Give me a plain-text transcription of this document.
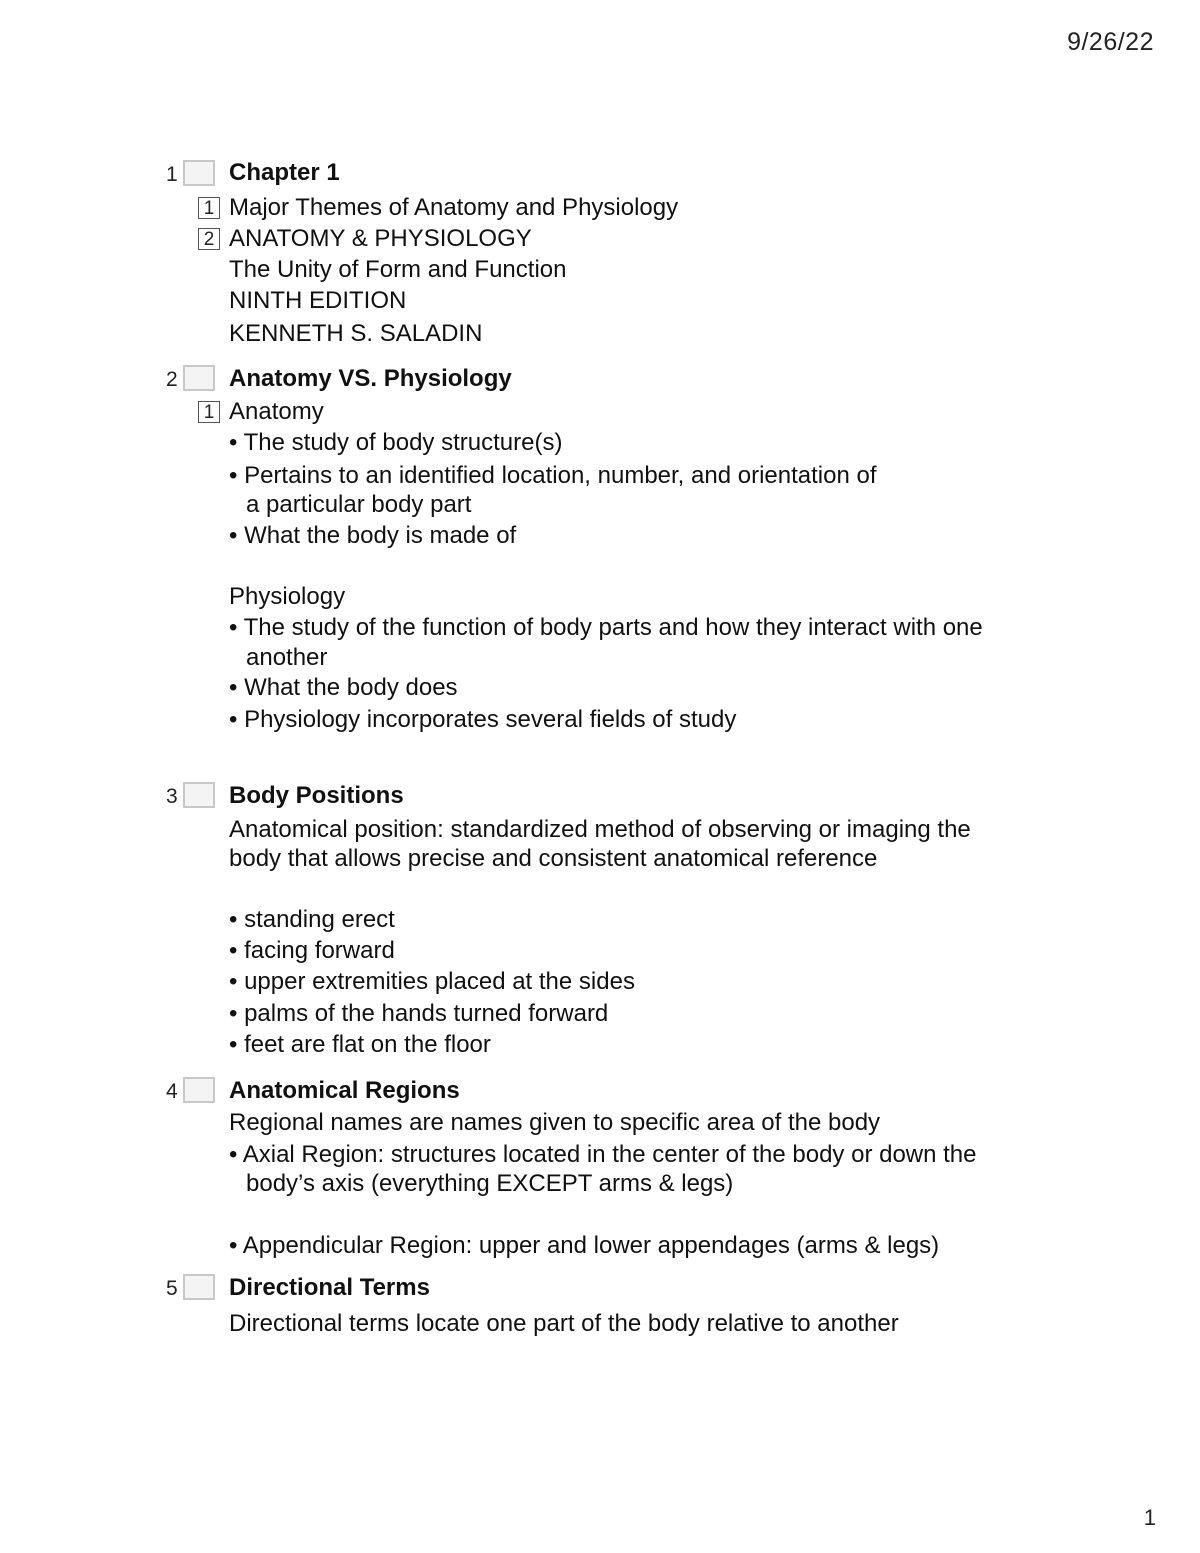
9/26/22
1 Chapter 1
1 Major Themes of Anatomy and Physiology
2 ANATOMY & PHYSIOLOGY
The Unity of Form and Function
NINTH EDITION
KENNETH S. SALADIN
2 Anatomy VS. Physiology
1 Anatomy
• The study of body structure(s)
• Pertains to an identified location, number, and orientation of
a particular body part
• What the body is made of
Physiology
• The study of the function of body parts and how they interact with one
another
• What the body does
• Physiology incorporates several fields of study
3 Body Positions
Anatomical position: standardized method of observing or imaging the
body that allows precise and consistent anatomical reference
• standing erect
• facing forward
• upper extremities placed at the sides
• palms of the hands turned forward
• feet are flat on the floor
4 Anatomical Regions
Regional names are names given to specific area of the body
• Axial Region: structures located in the center of the body or down the
body’s axis (everything EXCEPT arms & legs)
• Appendicular Region: upper and lower appendages (arms & legs)
5 Directional Terms
Directional terms locate one part of the body relative to another
1
